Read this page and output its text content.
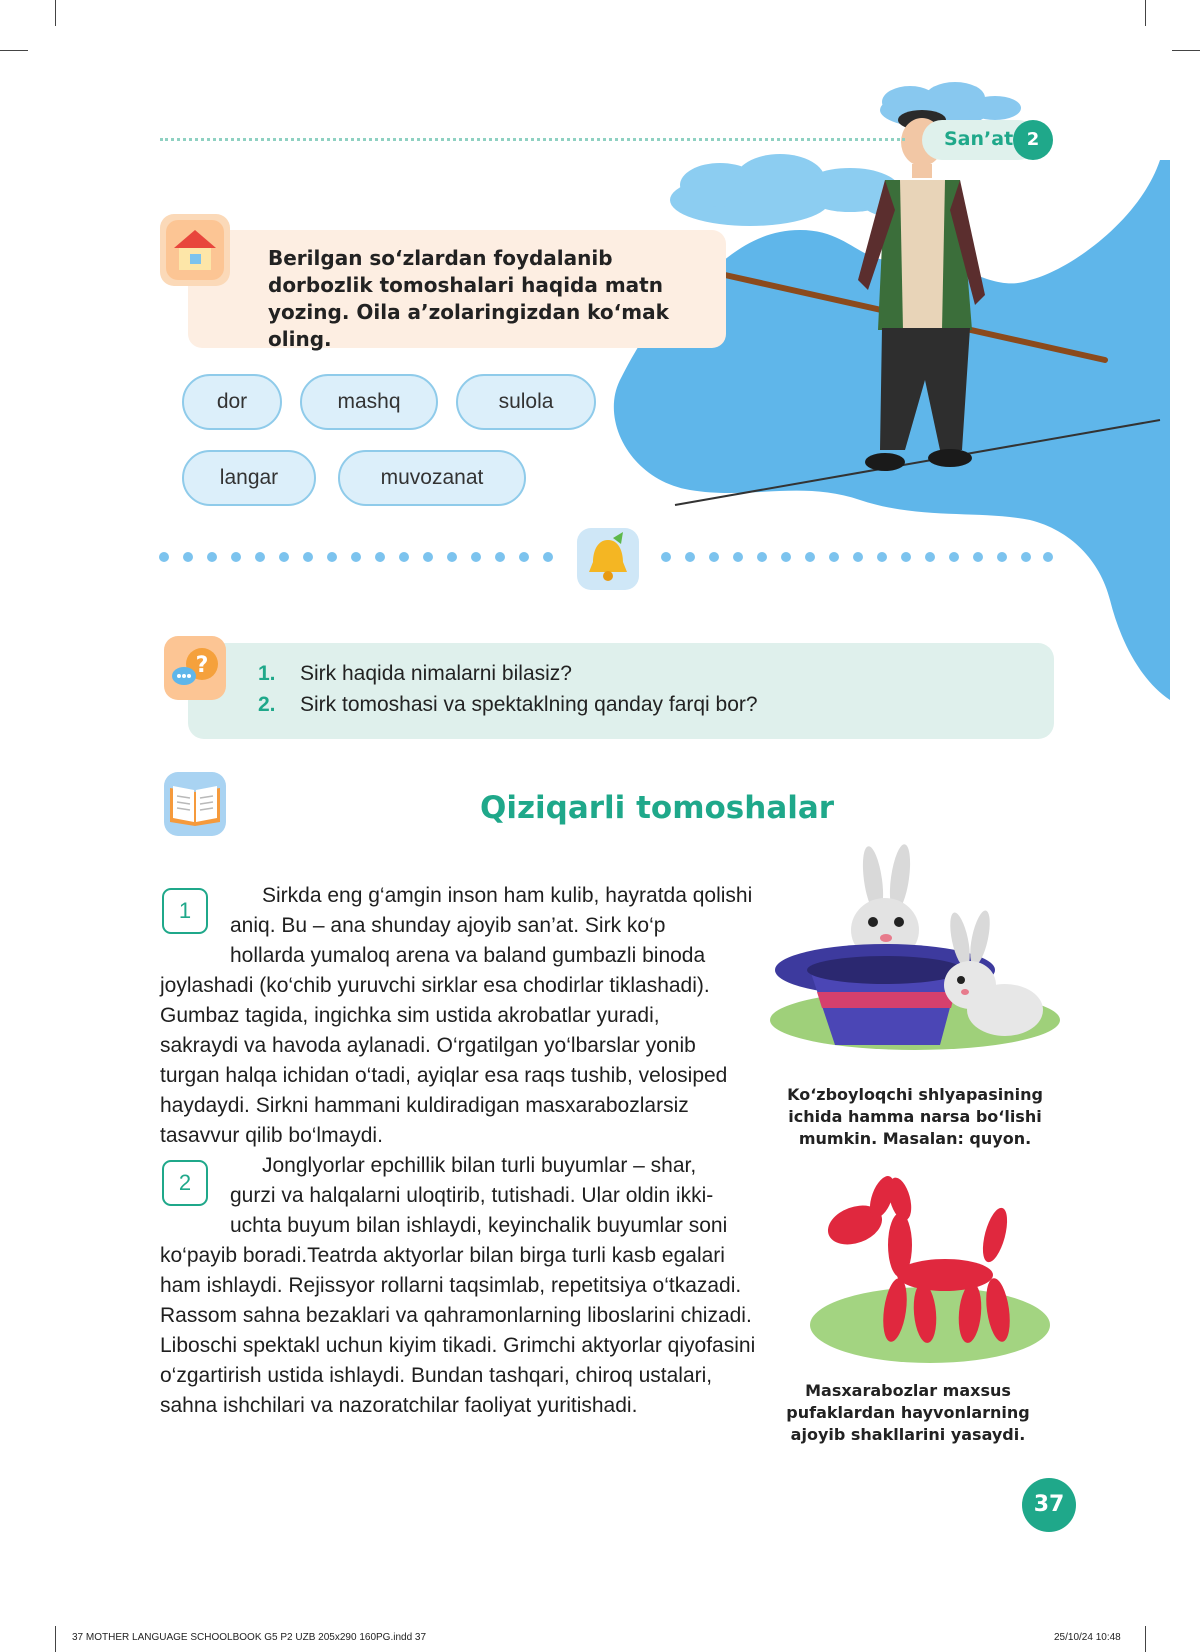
San’at 2
Berilgan so‘zlardan foydalanib dorbozlik tomoshalari haqida matn yozing. Oila a’zolaringizdan ko‘mak oling.
dor	mashq	sulola
langar	muvozanat
? 1. Sirk haqida nimalarni bilasiz?
2. Sirk tomoshasi va spektaklning qanday farqi bor?
Qiziqarli tomoshalar
1
Sirkda eng g‘amgin inson ham kulib, hayratda qolishi
aniq. Bu – ana shunday ajoyib san’at. Sirk ko‘p
hollarda yumaloq arena va baland gumbazli binoda
joylashadi (ko‘chib yuruvchi sirklar esa chodirlar tiklashadi).
Gumbaz tagida, ingichka sim ustida akrobatlar yuradi,
sakraydi va havoda aylanadi. O‘rgatilgan yo‘lbarslar yonib
turgan halqa ichidan o‘tadi, ayiqlar esa raqs tushib, velosiped
haydaydi. Sirkni hammani kuldiradigan masxarabozlarsiz
tasavvur qilib bo‘lmaydi.
2
Jonglyorlar epchillik bilan turli buyumlar – shar,
gurzi va halqalarni uloqtirib, tutishadi. Ular oldin ikki-
uchta buyum bilan ishlaydi, keyinchalik buyumlar soni
ko‘payib boradi.Teatrda aktyorlar bilan birga turli kasb egalari
ham ishlaydi. Rejissyor rollarni taqsimlab, repetitsiya o‘tkazadi.
Rassom sahna bezaklari va qahramonlarning liboslarini chizadi.
Liboschi spektakl uchun kiyim tikadi. Grimchi aktyorlar qiyofasini
o‘zgartirish ustida ishlaydi. Bundan tashqari, chiroq ustalari,
sahna ishchilari va nazoratchilar faoliyat yuritishadi.
Ko‘zboyloqchi shlyapasining
ichida hamma narsa bo‘lishi
mumkin. Masalan: quyon.
Masxarabozlar maxsus
pufaklardan hayvonlarning
ajoyib shakllarini yasaydi.
37
37 MOTHER LANGUAGE SCHOOLBOOK G5 P2 UZB 205x290 160PG.indd 37	25/10/24 10:48
